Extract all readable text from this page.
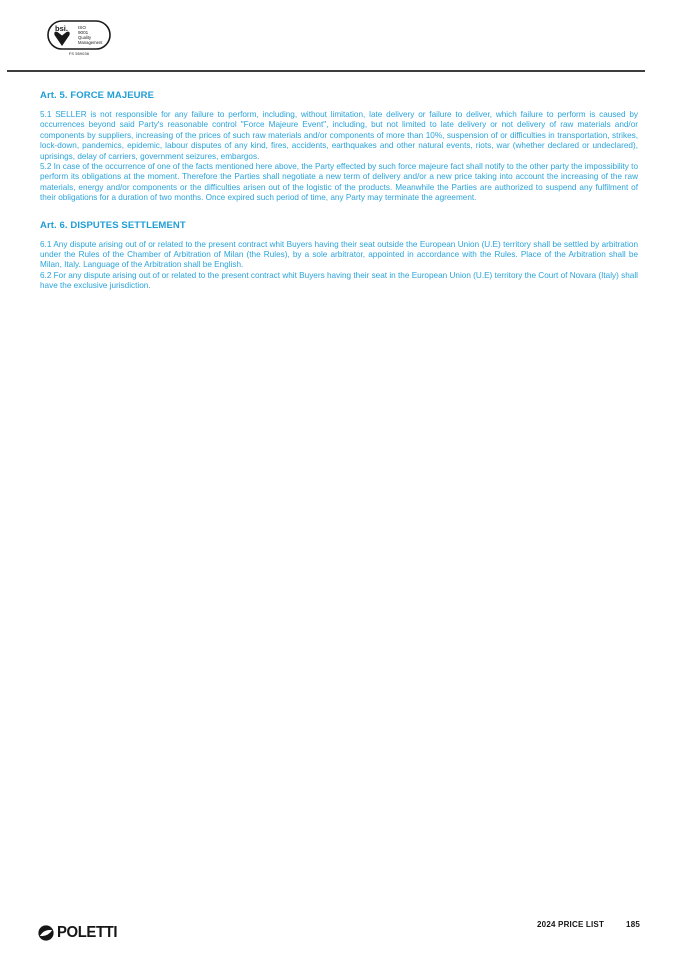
bsi. ISO
9001
Quality
Management
FS 559036
Art. 5. FORCE MAJEURE

5.1 SELLER is not responsible for any failure to perform, including, without limitation, late delivery or failure to deliver, which failure to perform is caused by occurrences beyond said Party's reasonable control "Force Majeure Event", including, but not limited to late delivery or not delivery of raw materials and/or components by suppliers, increasing of the prices of such raw materials and/or components of more than 10%, suspension of or difficulties in transportation, strikes, lock-down, pandemics, epidemic, labour disputes of any kind, fires, accidents, earthquakes and other natural events, riots, war (whether declared or undeclared), uprisings, delay of carriers, government seizures, embargos.

5.2 In case of the occurrence of one of the facts mentioned here above, the Party effected by such force majeure fact shall notify to the other party the impossibility to perform its obligations at the moment. Therefore the Parties shall negotiate a new term of delivery and/or a new price taking into account the increasing of the raw materials, energy and/or components or the difficulties arisen out of the logistic of the products. Meanwhile the Parties are authorized to suspend any fulfilment of their obligations for a duration of two months. Once expired such period of time, any Party may terminate the agreement.

Art. 6. DISPUTES SETTLEMENT

6.1 Any dispute arising out of or related to the present contract whit Buyers having their seat outside the European Union (U.E) territory shall be settled by arbitration under the Rules of the Chamber of Arbitration of Milan (the Rules), by a sole arbitrator, appointed in accordance with the Rules. Place of the Arbitration shall be Milan, Italy. Language of the Arbitration shall be English.

6.2 For any dispute arising out of or related to the present contract whit Buyers having their seat in the European Union (U.E) territory the Court of Novara (Italy) shall have the exclusive jurisdiction.

POLETTI	2024 PRICE LIST	185
